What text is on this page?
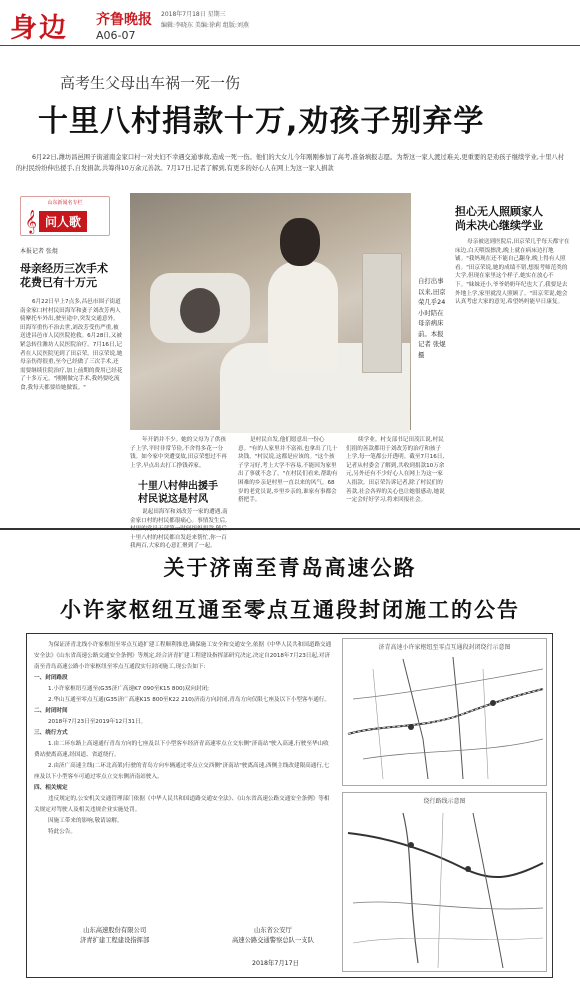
身边 齐鲁晚报
A06-07
2018年7月18日 星期三
编辑:李晓东 美编:徐莉 组版:刘燕
高考生父母出车祸一死一伤
十里八村捐款十万,劝孩子别弃学
6月22日,潍坊昌邑围子街道南金家口村一对夫妇不幸遇交通事故,造成一死一伤。他们的大女儿今年刚刚参加了高考,准备填报志愿。为帮这一家人渡过难关,更重要的是劝孩子继续学业,十里八村的村民纷纷伸出援手,自发捐款,共筹得10万余元善款。7月17日,记者了解到,有更多的好心人在网上为这一家人捐款
山东新闻名专栏
𝄞 问人歌
本报记者 张焜
母亲经历三次手术
花费已有十万元
6月22日早上7点多,昌邑市围子街道南金家口村村民田海军和妻子刘改芳两人骑摩托车外出,驶至途中,突发交通意外。田海军重伤不治去世,刘改芳受伤严重,被送进昌邑市人民医院抢救。6月28日,又被紧急转往潍坊人民医院治疗。7月16日,记者在人民医院见到了田京荣。田京荣说,她母亲伤得很重,至今已经做了三次手术,还需要继续住院治疗,加上前期的费用已经花了十多万元。"刚刚做完手术,我妈要吃流食,我每天都要给她做饭。"
自打出事以来,田京荣几乎24小时陪在母亲病床前。本报记者 张焜 摄
年开销并不少。她的父母为了供孩子上学,平时非常节俭,不舍得多花一分钱。如今家中突遭变故,田京荣想过不再上学,早点出去打工挣钱养家。
十里八村伸出援手
村民说这是村风
说起田海军和刘改芳一家的遭遇,南金家口村的村民都很痛心。事情发生后, 十里八村的村民都自发赶来帮忙,你一百我两百,大家的心意汇聚到了一起。
是村民自发,他们愿意出一份心意。"有的人家里并不富裕,也拿出了几十块钱。"村民说,这都是应该的。"这个孩子学习好,考上大学不容易,不能因为家里出了事就不念了。"在村民们看来,帮助有困难的乡亲是村里一直以来的风气。68岁的老党员说,乡里乡亲的,谁家有事都会搭把手。
续学业。村支部书记田茂江说,村民们捐的善款都用于刘改芳的治疗和孩子上学,每一笔都公开透明。截至7月16日,记者从村委会了解到,共收到捐款10万余元,另外还有不少好心人在网上为这一家人捐款。田京荣告诉记者,除了村民们的善款,社会各界的关心也让她很感动,她说一定会好好学习,将来回报社会。
担心无人照顾家人
尚未决心继续学业
母亲被送到医院后,田京荣几乎每天都守在床边,白天喂饭擦洗,晚上就在病床边打地铺。"我妈现在还不能自己翻身,晚上得有人照看。"田京荣说,她的成绩不错,想报考师范类的大学,但现在家里这个样子,她实在放心不下。"妹妹还小,爷爷奶奶年纪也大了,我要是去外地上学,家里就没人照顾了。"田京荣说,她会认真考虑大家的意见,希望妈妈能早日康复。
关于济南至青岛高速公路
小许家枢纽互通至零点互通段封闭施工的公告

为保证济青北线小许家枢纽至零点互通扩建工程顺利推进,确保施工安全和交通安全,依据《中华人民共和国道路交通安全法》《山东省高速公路交通安全条例》等规定,经合济青扩建工程建设指挥部研究决定,决定自2018年7月23日起,对济南至青岛高速公路小许家枢纽至零点互通段实行封闭施工,现公告如下:

一、封闭路段

1.小许家枢纽互通至(G35济广高速K7 090至K15 800)双向封闭;

2.华山互通至零点互通(G35济广高速K15 800至K22 210)济南方向封闭,青岛方向仅限七座及以下小型客车通行。

二、封闭时间

2018年7月23日至2019年12月31日。

三、绕行方式

1.由二环东路上高速通行青岛方向的七座及以下小型客车经济青高速零点立交东侧"济南站"驶入高速,行驶至华山收费站驶离高速,经国道、省道绕行。

2.由济广高速主线(二环北高架)行驶的青岛方向车辆通过零点立交西侧"济南站"驶离高速,西侧主线改建限高通行,七座及以下小型客车可通过零点立交东侧济南站驶入。

四、相关规定

违反规定的,公安机关交通管理部门依据《中华人民共和国道路交通安全法》、《山东省高速公路交通安全条例》等相关规定对驾驶人及相关违规企业实施处罚。

因施工带来的影响,敬请谅解。

特此公告。

山东高速股份有限公司
济青扩建工程建设指挥部
山东省公安厅
高速公路交通警察总队一支队
2018年7月17日
济青高速小许家枢纽至零点互通段封闭绕行示意图
绕行路线示意图
